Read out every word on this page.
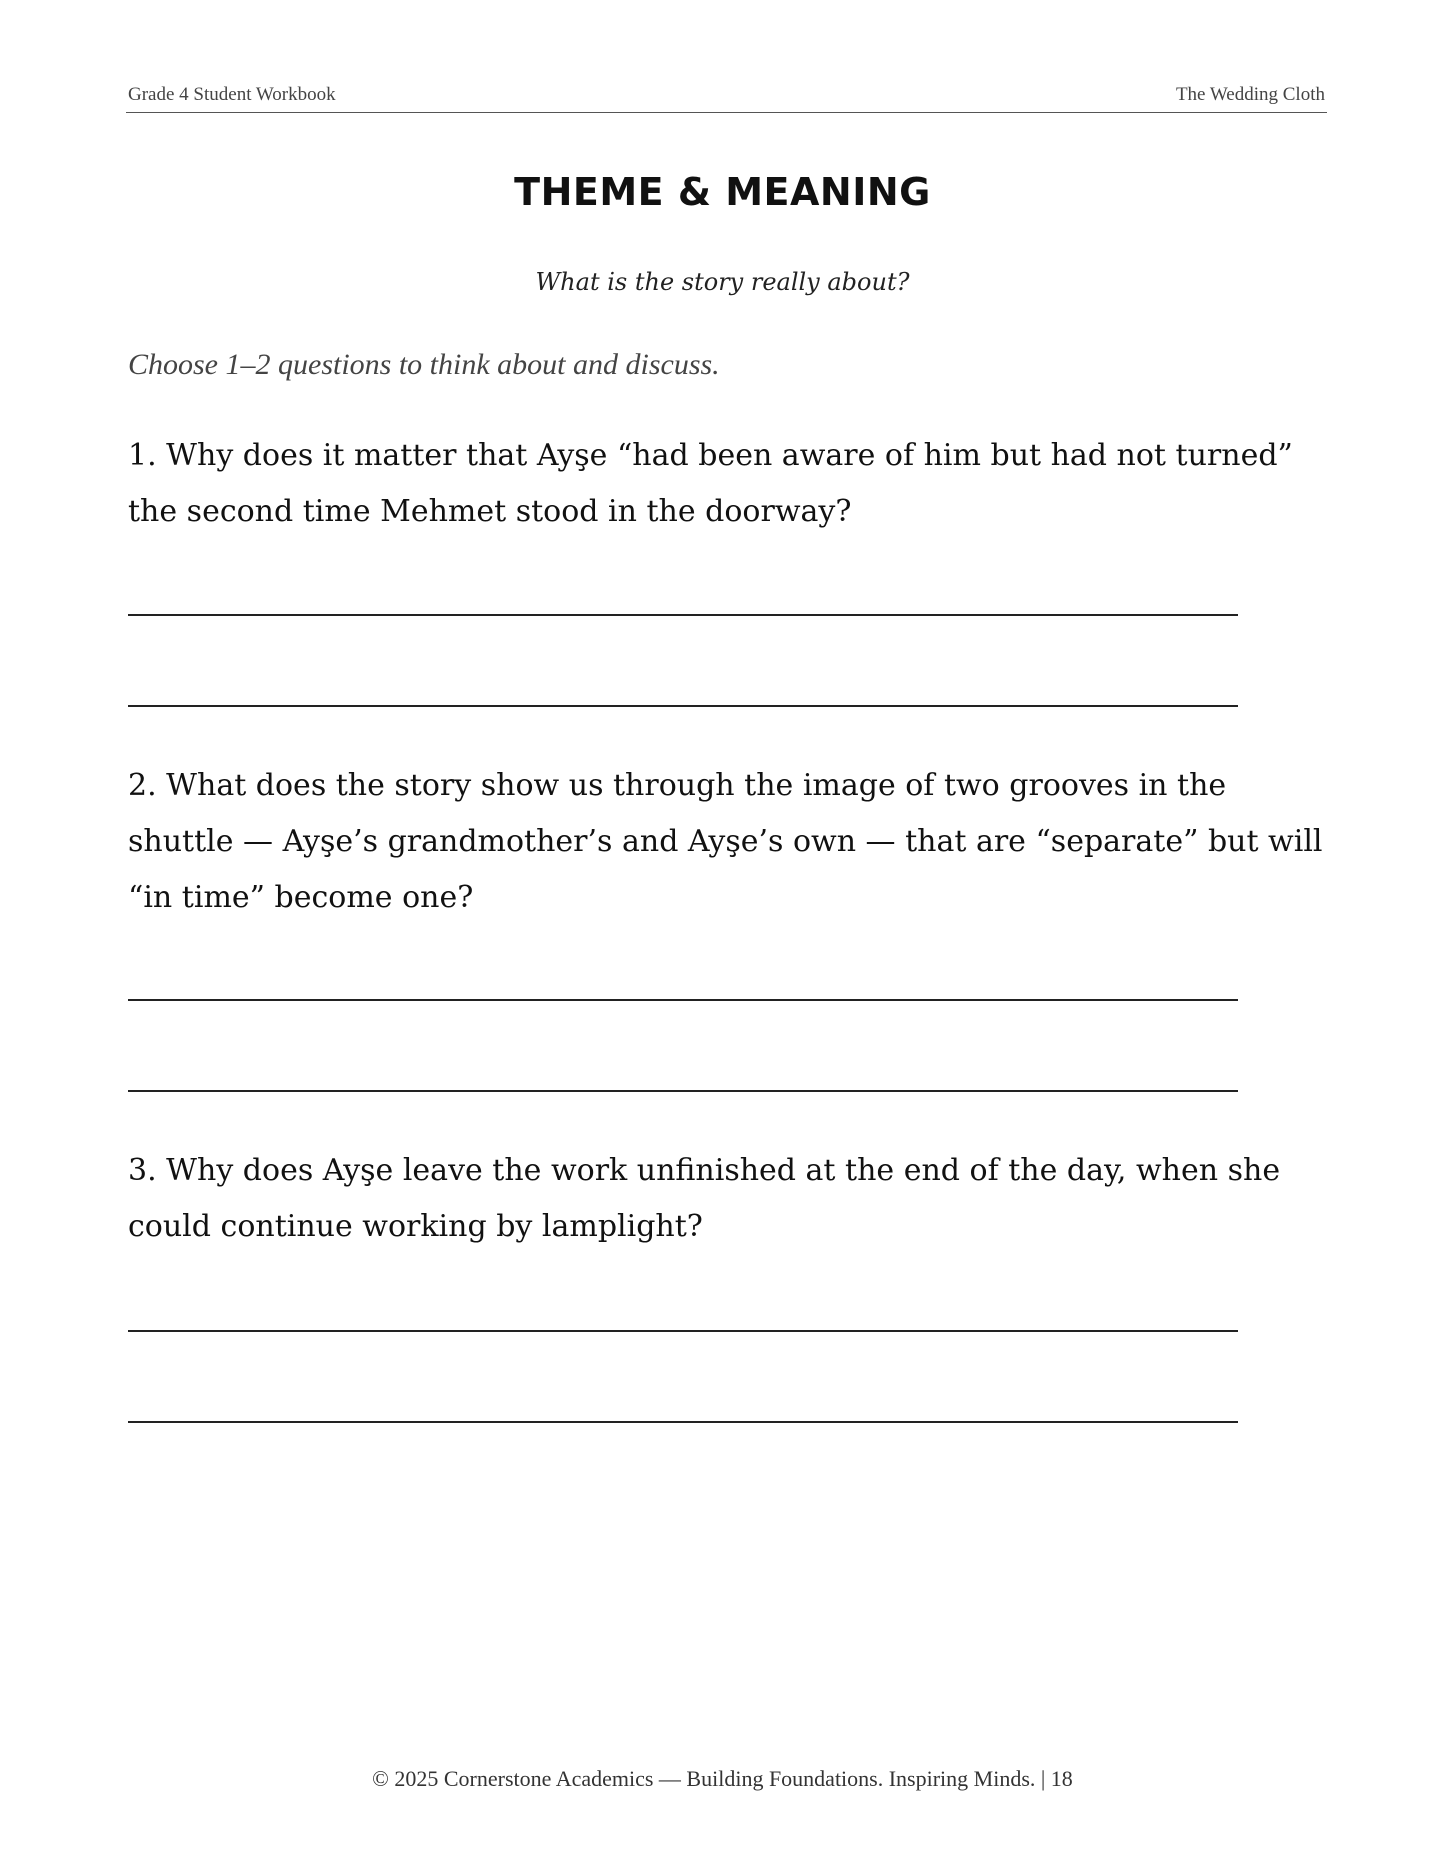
Grade 4 Student Workbook	The Wedding Cloth
THEME & MEANING
What is the story really about?
Choose 1–2 questions to think about and discuss.
1. Why does it matter that Ayşe “had been aware of him but had not turned” the second time Mehmet stood in the doorway?
2. What does the story show us through the image of two grooves in the shuttle — Ayşe’s grandmother’s and Ayşe’s own — that are “separate” but will “in time” become one?
3. Why does Ayşe leave the work unfinished at the end of the day, when she could continue working by lamplight?
© 2025 Cornerstone Academics — Building Foundations. Inspiring Minds. | 18
